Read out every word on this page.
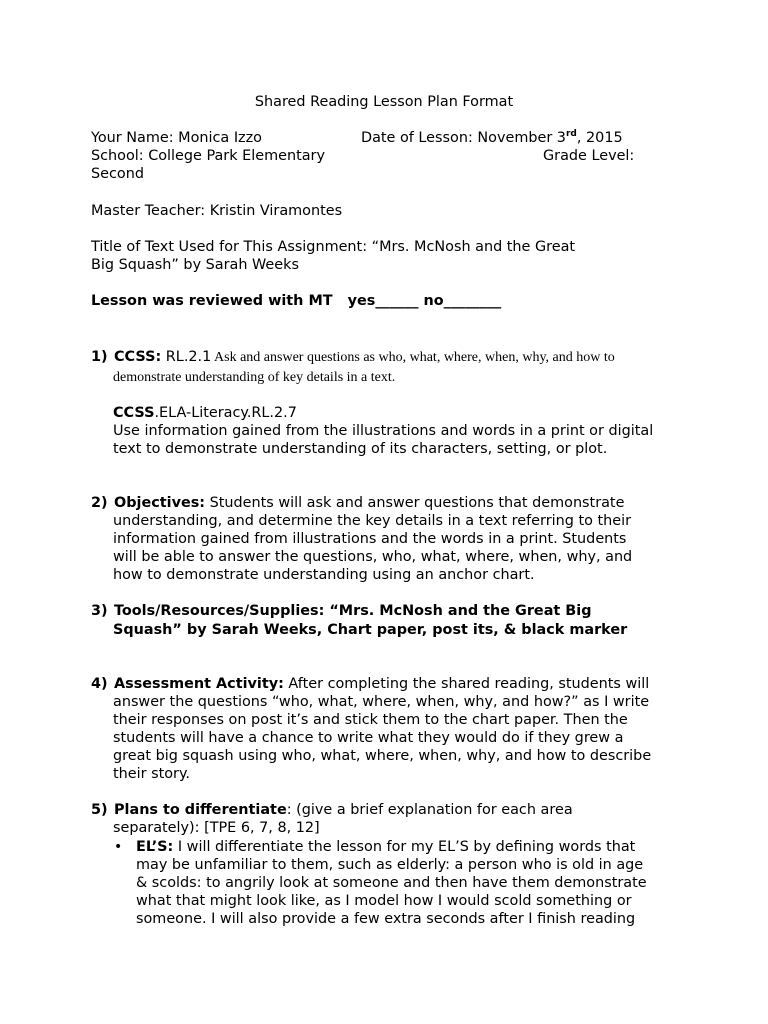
Shared Reading Lesson Plan Format
Your Name: Monica Izzo	Date of Lesson: November 3rd, 2015
School: College Park Elementary	Grade Level:
Second
Master Teacher: Kristin Viramontes
Title of Text Used for This Assignment: “Mrs. McNosh and the Great
Big Squash” by Sarah Weeks
Lesson was reviewed with MT   yes______ no________
1) CCSS: RL.2.1 Ask and answer questions as who, what, where, when, why, and how to
demonstrate understanding of key details in a text.
CCSS.ELA-Literacy.RL.2.7
Use information gained from the illustrations and words in a print or digital text to demonstrate understanding of its characters, setting, or plot.
2) Objectives: Students will ask and answer questions that demonstrate
understanding, and determine the key details in a text referring to their
information gained from illustrations and the words in a print. Students
will be able to answer the questions, who, what, where, when, why, and
how to demonstrate understanding using an anchor chart.
3) Tools/Resources/Supplies: “Mrs. McNosh and the Great Big
Squash” by Sarah Weeks, Chart paper, post its, & black marker
4) Assessment Activity: After completing the shared reading, students will
answer the questions “who, what, where, when, why, and how?” as I write
their responses on post it’s and stick them to the chart paper. Then the
students will have a chance to write what they would do if they grew a
great big squash using who, what, where, when, why, and how to describe
their story.
5) Plans to differentiate: (give a brief explanation for each area
separately): [TPE 6, 7, 8, 12]
• EL’S: I will differentiate the lesson for my EL’S by defining words that
may be unfamiliar to them, such as elderly: a person who is old in age
& scolds: to angrily look at someone and then have them demonstrate
what that might look like, as I model how I would scold something or
someone. I will also provide a few extra seconds after I finish reading
